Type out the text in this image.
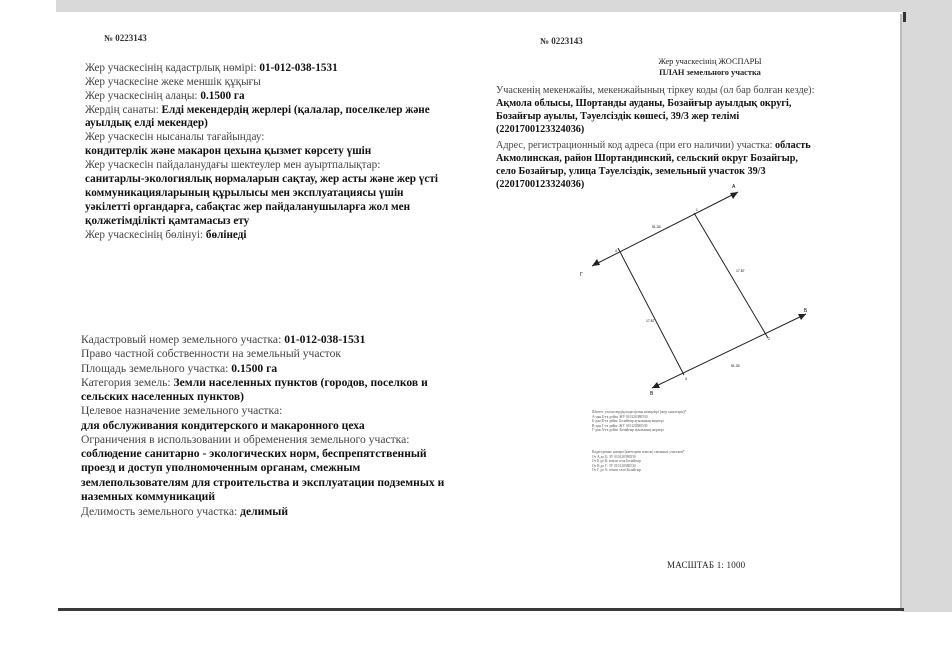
№ 0223143
Жер учаскесінің кадастрлық нөмірі: 01-012-038-1531
Жер учаскесіне жеке меншік құқығы
Жер учаскесінің алаңы: 0.1500 га
Жердің санаты: Елді мекендердің жерлері (қалалар, поселкелер және
ауылдық елді мекендер)
Жер учаскесін нысаналы тағайындау:
кондитерлік және макарон цехына қызмет көрсету үшін
Жер учаскесін пайдаланудағы шектеулер мен ауыртпалықтар:
санитарлы-экологиялық нормаларын сақтау, жер асты және жер үсті
коммуникацияларының құрылысы мен эксплуатациясы үшін
уәкілетті органдарға, сабақтас жер пайдаланушыларға жол мен
қолжетімділікті қамтамасыз ету
Жер учаскесінің бөлінуі: бөлінеді
Кадастровый номер земельного участка: 01-012-038-1531
Право частной собственности на земельный участок
Площадь земельного участка: 0.1500 га
Категория земель: Земли населенных пунктов (городов, поселков и
сельских населенных пунктов)
Целевое назначение земельного участка:
для обслуживания кондитерского и макаронного цеха
Ограничения в использовании и обременения земельного участка:
соблюдение санитарно - экологических норм, беспрепятственный
проезд и доступ уполномоченным органам, смежным
землепользователям для строительства и эксплуатации подземных и
наземных коммуникаций
Делимость земельного участка: делимый
№ 0223143
Жер учаскесінің ЖОСПАРЫ
ПЛАН земельного участка
Учаскенің мекенжайы, мекенжайының тіркеу коды (ол бар болған кезде):
Ақмола облысы, Шортанды ауданы, Бозайғыр ауылдық округі,
Бозайғыр ауылы, Тәуелсіздік көшесі, 39/3 жер телімі
(2201700123324036)
Адрес, регистрационный код адреса (при его наличии) участка: область
Акмолинская, район Шортандинский, сельский округ Бозайгыр,
село Бозайғыр, улица Тәуелсіздік, земельный участок 39/3
(2201700123324036)	А
Г
Б
В
1
2
3
4
51.33
17.87
17.87
51.33
Шектес учаскелердің кадастрлық нөмірлері (жер санаттары)*
А-дан Б-ға дейін: ЖУ 010120380530
Б-дан В-ға дейін: Бозайғыр ауылының жерлері
В-дан Г-ға дейін: ЖУ 010120380530
Г-дан А-ға дейін: Бозайғыр ауылының жерлері
Кадастровые номера (категории земель) смежных участков*
От А до Б: ЗУ 010120380530
От Б до В: земли села Бозайгыр
От В до Г: ЗУ 010120380530
От Г до А: земли села Бозайгыр
МАСШТАБ 1: 1000
